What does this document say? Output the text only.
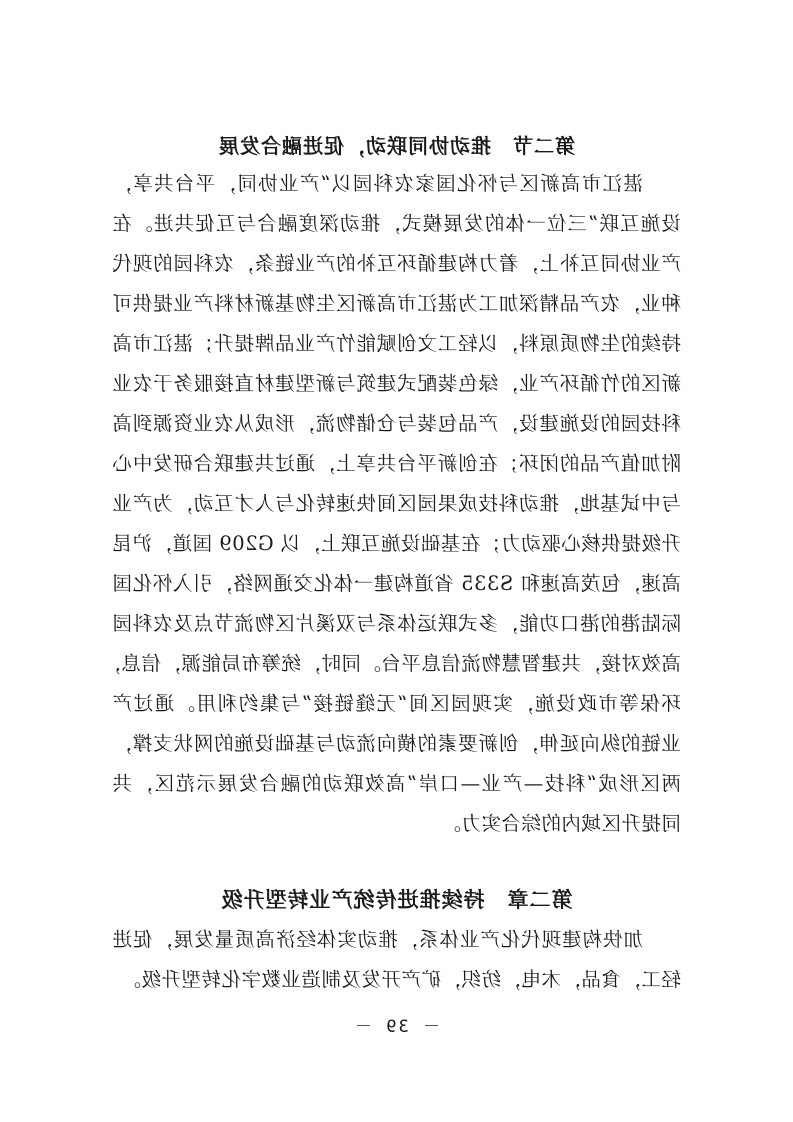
第二节　推动协同联动，促进融合发展
湛江市高新区与怀化国家农科园以“产业协同，平台共享，
设施互联”三位一体的发展模式，推动深度融合与互促共进。在
产业协同互补上，着力构建循环互补的产业链条，农科园的现代
种业，农产品精深加工为湛江市高新区生物基新材料产业提供可
持续的生物质原料，以轻工文创赋能竹产业品牌提升；湛江市高
新区的竹循环产业，绿色装配式建筑与新型建材直接服务于农业
科技园的设施建设，产品包装与仓储物流，形成从农业资源到高
附加值产品的闭环；在创新平台共享上，通过共建联合研发中心
与中试基地，推动科技成果园区间快速转化与人才互动，为产业
升级提供核心驱动力；在基础设施互联上，以 G209 国道，沪昆
高速，包茂高速和 S335 省道构建一体化交通网络，引入怀化国
际陆港的港口功能，多式联运体系与双溪片区物流节点及农科园
高效对接，共建智慧物流信息平台。同时，统筹布局能源，信息，
环保等市政设施，实现园区间“无缝链接”与集约利用。通过产
业链的纵向延伸，创新要素的横向流动与基础设施的网状支撑，
两区形成“科技—产业—口岸”高效联动的融合发展示范区，共
同提升区域内的综合实力。
第二章　持续推进传统产业转型升级
加快构建现代化产业体系，推动实体经济高质量发展，促进
轻工，食品，木电，纺织，矿产开发及制造业数字化转型升级。
－ 39 －
